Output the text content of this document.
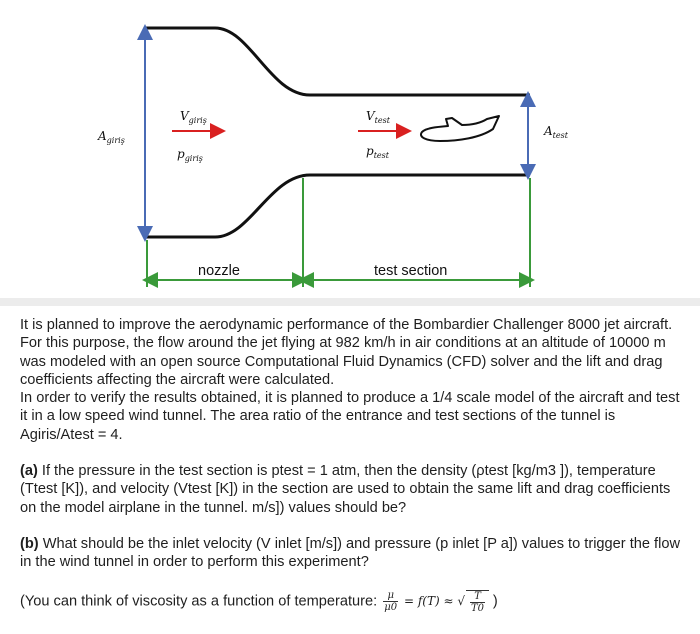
$A_{giriş}$
$V_{giriş}$
$p_{giriş}$
$V_{test}$
$p_{test}$
$A_{test}$
nozzle	test section

It is planned to improve the aerodynamic performance of the Bombardier Challenger 8000 jet aircraft. For this purpose, the flow around the jet flying at 982 km/h in air conditions at an altitude of 10000 m was modeled with an open source Computational Fluid Dynamics (CFD) solver and the lift and drag coefficients affecting the aircraft were calculated.

In order to verify the results obtained, it is planned to produce a 1/4 scale model of the aircraft and test it in a low speed wind tunnel. The area ratio of the entrance and test sections of the tunnel is Agiris/Atest = 4.

(a) If the pressure in the test section is ptest = 1 atm, then the density (ρtest [kg/m3 ]), temperature (Ttest [K]), and velocity (Vtest [K]) in the section are used to obtain the same lift and drag coefficients on the model airplane in the tunnel. m/s]) values should be?

(b) What should be the inlet velocity (V inlet [m/s]) and pressure (p inlet [P a]) values to trigger the flow in the wind tunnel in order to perform this experiment?

(You can think of viscosity as a function of temperature: $\frac{\mu}{\mu 0} = f(T)$ ≈ √ $\frac{T}{T0}$ )
